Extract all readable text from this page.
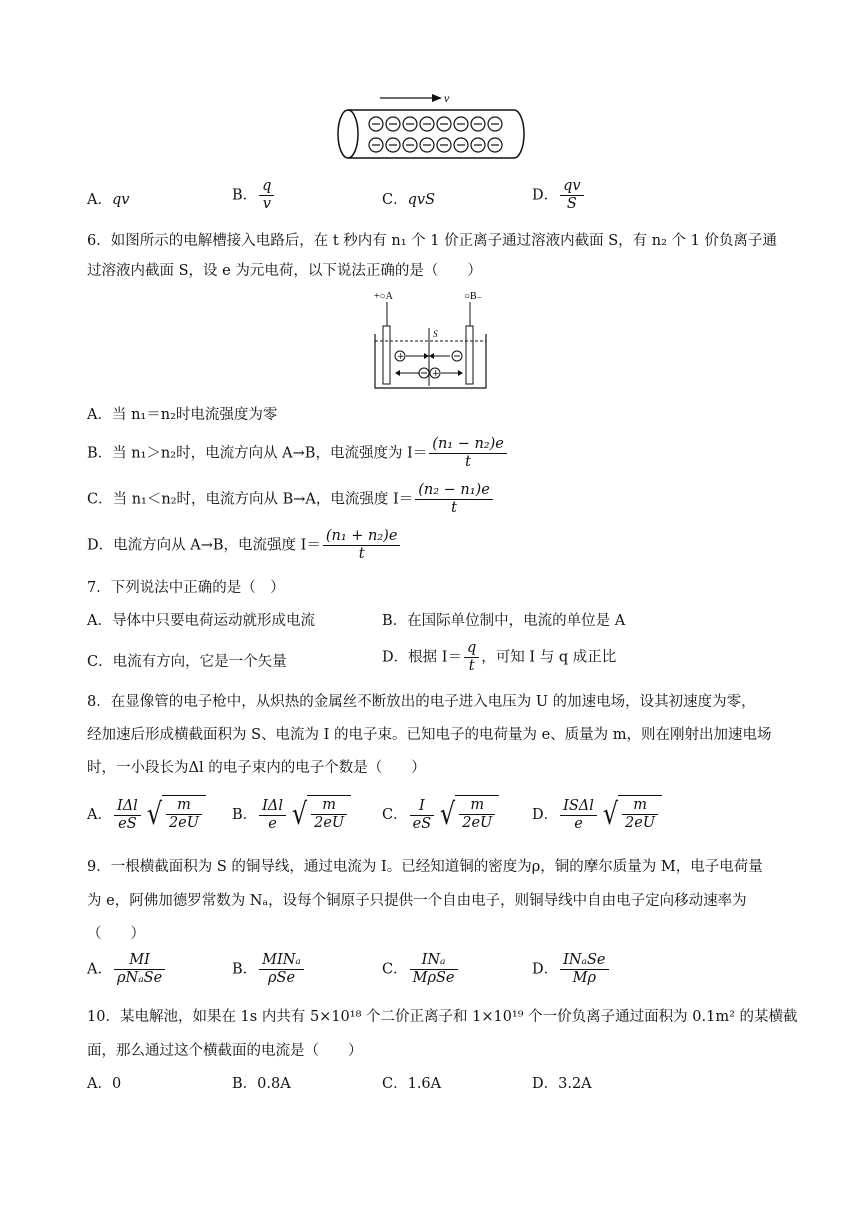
v
A．qv	B． $\frac{q}{v}$	C．qvS	D． $\frac{qv}{S}$
6．如图所示的电解槽接入电路后，在 t 秒内有 n₁ 个 1 价正离子通过溶液内截面 S，有 n₂ 个 1 价负离子通
过溶液内截面 S，设 e 为元电荷，以下说法正确的是（　　）
+○A	○B₋
S
+
+
A．当 n₁＝n₂时电流强度为零
B．当 n₁＞n₂时，电流方向从 A→B，电流强度为 $I= \frac{\text{(n₁ − n₂)e}}{t}$
C．当 n₁＜n₂时，电流方向从 B→A，电流强度 $I= \frac{\text{(n₂ − n₁)e}}{t}$
D．电流方向从 A→B，电流强度 $I= \frac{\text{(n₁ + n₂)e}}{t}$
7．下列说法中正确的是（　）
A．导体中只要电荷运动就形成电流	B．在国际单位制中，电流的单位是 A
C．电流有方向，它是一个矢量	D．根据 $I= \frac{q}{t}$ ，可知 I 与 q 成正比
8．在显像管的电子枪中，从炽热的金属丝不断放出的电子进入电压为 U 的加速电场，设其初速度为零，
经加速后形成横截面积为 S、电流为 I 的电子束。已知电子的电荷量为 e、质量为 m，则在刚射出加速电场
时，一小段长为Δl 的电子束内的电子个数是（　　）
A． $\frac{\text{IΔl}}{eS}$ √ $\frac{m}{2eU}$ B． $\frac{\text{IΔl}}{e}$ √ $\frac{m}{2eU}$ C． $\frac{I}{eS}$ √ $\frac{m}{2eU}$	D． $\frac{\text{ISΔl}}{e}$ √ $\frac{m}{2eU}$
9．一根横截面积为 S 的铜导线，通过电流为 I。已经知道铜的密度为ρ，铜的摩尔质量为 M，电子电荷量
为 e，阿佛加德罗常数为 Nₐ，设每个铜原子只提供一个自由电子，则铜导线中自由电子定向移动速率为
（　　）
A． $\frac{MI}{\text{ρNₐSe}}$	B． $\frac{\text{MINₐ}}{\text{ρSe}}$	C． $\frac{\text{INₐ}}{\text{MρSe}}$	D． $\frac{\text{INₐSe}}{M\rho}$
10．某电解池，如果在 1s 内共有 5×10¹⁸ 个二价正离子和 1×10¹⁹ 个一价负离子通过面积为 0.1m² 的某横截
面，那么通过这个横截面的电流是（　　）
A．0	B．0.8A	C．1.6A	D．3.2A
